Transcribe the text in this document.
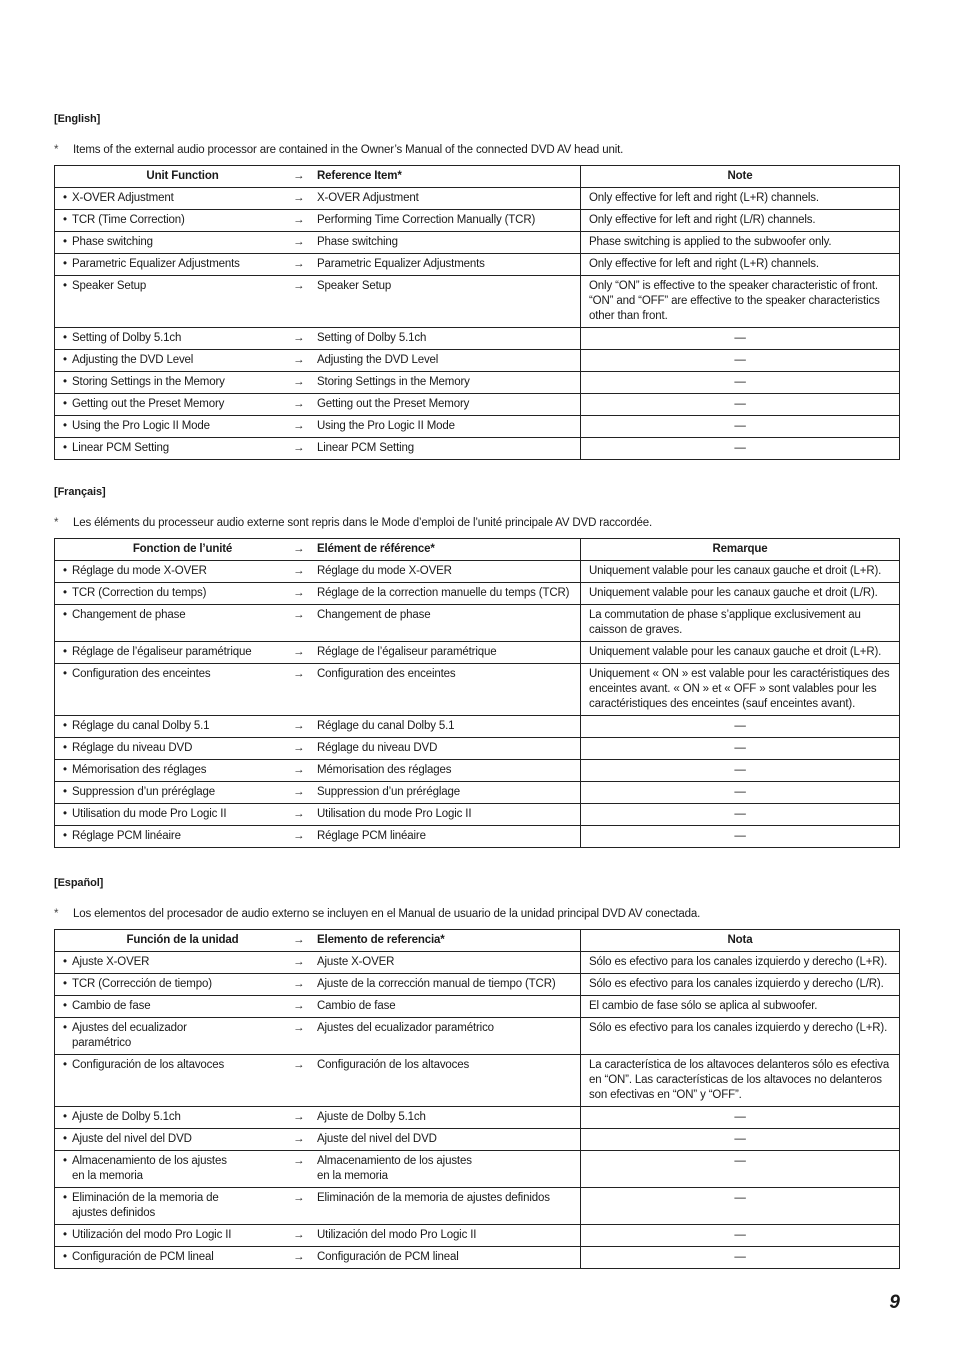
[English]

*	Items of the external audio processor are contained in the Owner’s Manual of the connected DVD AV head unit.

Unit Function	→	Reference Item*	Note

• X-OVER Adjustment	→	X-OVER Adjustment	Only effective for left and right (L+R) channels.

• TCR (Time Correction)	→	Performing Time Correction Manually (TCR)	Only effective for left and right (L/R) channels.

• Phase switching	→	Phase switching	Phase switching is applied to the subwoofer only.

• Parametric Equalizer Adjustments	→	Parametric Equalizer Adjustments	Only effective for left and right (L+R) channels.

• Speaker Setup	→	Speaker Setup	Only “ON” is effective to the speaker characteristic of front. “ON” and “OFF” are effective to the speaker characteristics other than front.

• Setting of Dolby 5.1ch	→	Setting of Dolby 5.1ch	—

• Adjusting the DVD Level	→	Adjusting the DVD Level	—

• Storing Settings in the Memory	→	Storing Settings in the Memory	—

• Getting out the Preset Memory	→	Getting out the Preset Memory	—

• Using the Pro Logic II Mode	→	Using the Pro Logic II Mode	—

• Linear PCM Setting	→	Linear PCM Setting	—

[Français]

*	Les éléments du processeur audio externe sont repris dans le Mode d’emploi de l’unité principale AV DVD raccordée.

Fonction de l’unité	→	Elément de référence*	Remarque

• Réglage du mode X-OVER	→	Réglage du mode X-OVER	Uniquement valable pour les canaux gauche et droit (L+R).

• TCR (Correction du temps)	→	Réglage de la correction manuelle du temps (TCR)	Uniquement valable pour les canaux gauche et droit (L/R).

• Changement de phase	→	Changement de phase	La commutation de phase s’applique exclusivement au caisson de graves.

• Réglage de l’égaliseur paramétrique	→	Réglage de l’égaliseur paramétrique	Uniquement valable pour les canaux gauche et droit (L+R).

• Configuration des enceintes	→	Configuration des enceintes	Uniquement « ON » est valable pour les caractéristiques des enceintes avant. « ON » et « OFF » sont valables pour les caractéristiques des enceintes (sauf enceintes avant).

• Réglage du canal Dolby 5.1	→	Réglage du canal Dolby 5.1	—

• Réglage du niveau DVD	→	Réglage du niveau DVD	—

• Mémorisation des réglages	→	Mémorisation des réglages	—

• Suppression d’un préréglage	→	Suppression d’un préréglage	—

• Utilisation du mode Pro Logic II	→	Utilisation du mode Pro Logic II	—

• Réglage PCM linéaire	→	Réglage PCM linéaire	—

[Español]

*	Los elementos del procesador de audio externo se incluyen en el Manual de usuario de la unidad principal DVD AV conectada.

Función de la unidad	→	Elemento de referencia*	Nota

• Ajuste X-OVER	→	Ajuste X-OVER	Sólo es efectivo para los canales izquierdo y derecho (L+R).

• TCR (Corrección de tiempo)	→	Ajuste de la corrección manual de tiempo (TCR)	Sólo es efectivo para los canales izquierdo y derecho (L/R).

• Cambio de fase	→	Cambio de fase	El cambio de fase sólo se aplica al subwoofer.

• Ajustes del ecualizador paramétrico	→	Ajustes del ecualizador paramétrico	Sólo es efectivo para los canales izquierdo y derecho (L+R).

• Configuración de los altavoces	→	Configuración de los altavoces	La característica de los altavoces delanteros sólo es efectiva en “ON”. Las características de los altavoces no delanteros son efectivas en “ON” y “OFF”.

• Ajuste de Dolby 5.1ch	→	Ajuste de Dolby 5.1ch	—

• Ajuste del nivel del DVD	→	Ajuste del nivel del DVD	—

• Almacenamiento de los ajustes
en la memoria	→	Almacenamiento de los ajustes
en la memoria	—

• Eliminación de la memoria de ajustes definidos	→	Eliminación de la memoria de ajustes definidos	—

• Utilización del modo Pro Logic II	→	Utilización del modo Pro Logic II	—

• Configuración de PCM lineal	→	Configuración de PCM lineal	—
9
